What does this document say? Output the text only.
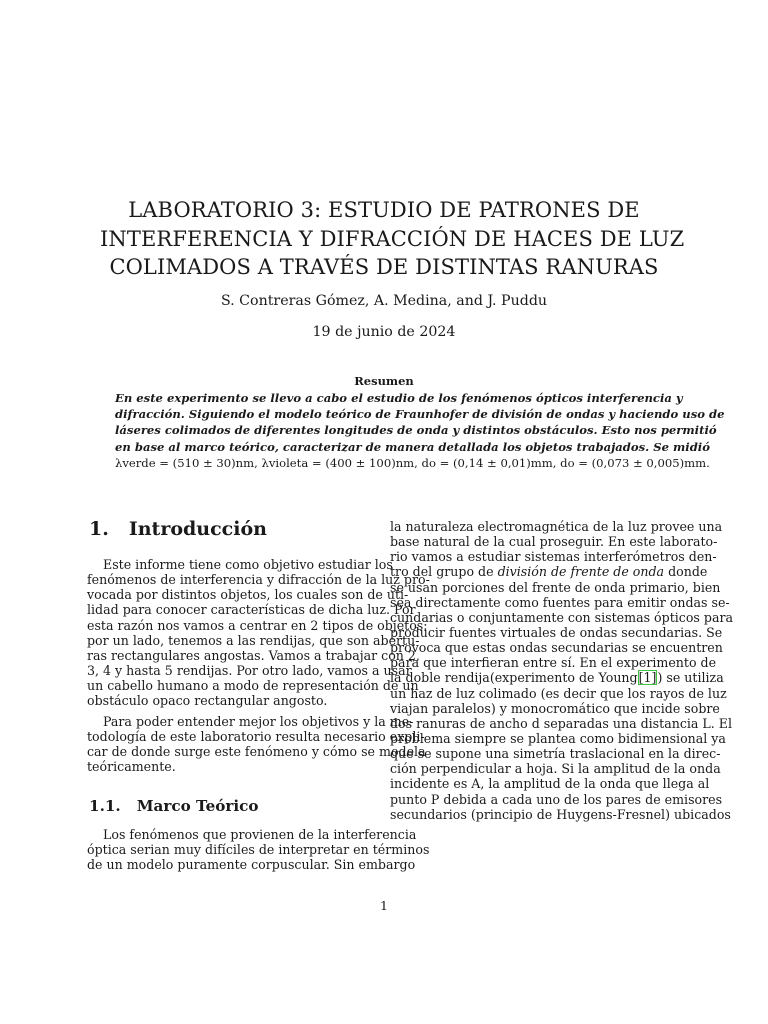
LABORATORIO 3: ESTUDIO DE PATRONES DE
INTERFERENCIA Y DIFRACCIÓN DE HACES DE LUZ
COLIMADOS A TRAVÉS DE DISTINTAS RANURAS
S. Contreras Gómez, A. Medina, and J. Puddu
19 de junio de 2024
Resumen
En este experimento se llevo a cabo el estudio de los fenómenos ópticos interferencia y
difracción. Siguiendo el modelo teórico de Fraunhofer de división de ondas y haciendo uso de
láseres colimados de diferentes longitudes de onda y distintos obstáculos. Esto nos permitió
en base al marco teórico, caracterizar de manera detallada los objetos trabajados. Se midió
λverde = (510 ± 30)nm, λvioleta = (400 ± 100)nm, do = (0,14 ± 0,01)mm, do = (0,073 ± 0,005)mm.
1. Introducción
Este informe tiene como objetivo estudiar los
fenómenos de interferencia y difracción de la luz pro-
vocada por distintos objetos, los cuales son de uti-
lidad para conocer características de dicha luz. Por
esta razón nos vamos a centrar en 2 tipos de objetos:
por un lado, tenemos a las rendijas, que son abertu-
ras rectangulares angostas. Vamos a trabajar con 2,
3, 4 y hasta 5 rendijas. Por otro lado, vamos a usar
un cabello humano a modo de representación de un
obstáculo opaco rectangular angosto.
Para poder entender mejor los objetivos y la me-
todología de este laboratorio resulta necesario expli-
car de donde surge este fenómeno y cómo se modela
teóricamente.
1.1. Marco Teórico
Los fenómenos que provienen de la interferencia
óptica serian muy difíciles de interpretar en términos
de un modelo puramente corpuscular. Sin embargo
la naturaleza electromagnética de la luz provee una
base natural de la cual proseguir. En este laborato-
rio vamos a estudiar sistemas interferómetros den-
tro del grupo de división de frente de onda donde
se usan porciones del frente de onda primario, bien
sea directamente como fuentes para emitir ondas se-
cundarias o conjuntamente con sistemas ópticos para
producir fuentes virtuales de ondas secundarias. Se
provoca que estas ondas secundarias se encuentren
para que interfieran entre sí. En el experimento de
la doble rendija(experimento de Young[1]) se utiliza
un haz de luz colimado (es decir que los rayos de luz
viajan paralelos) y monocromático que incide sobre
dos ranuras de ancho d separadas una distancia L. El
problema siempre se plantea como bidimensional ya
que se supone una simetría traslacional en la direc-
ción perpendicular a hoja. Si la amplitud de la onda
incidente es A, la amplitud de la onda que llega al
punto P debida a cada uno de los pares de emisores
secundarios (principio de Huygens-Fresnel) ubicados
1
